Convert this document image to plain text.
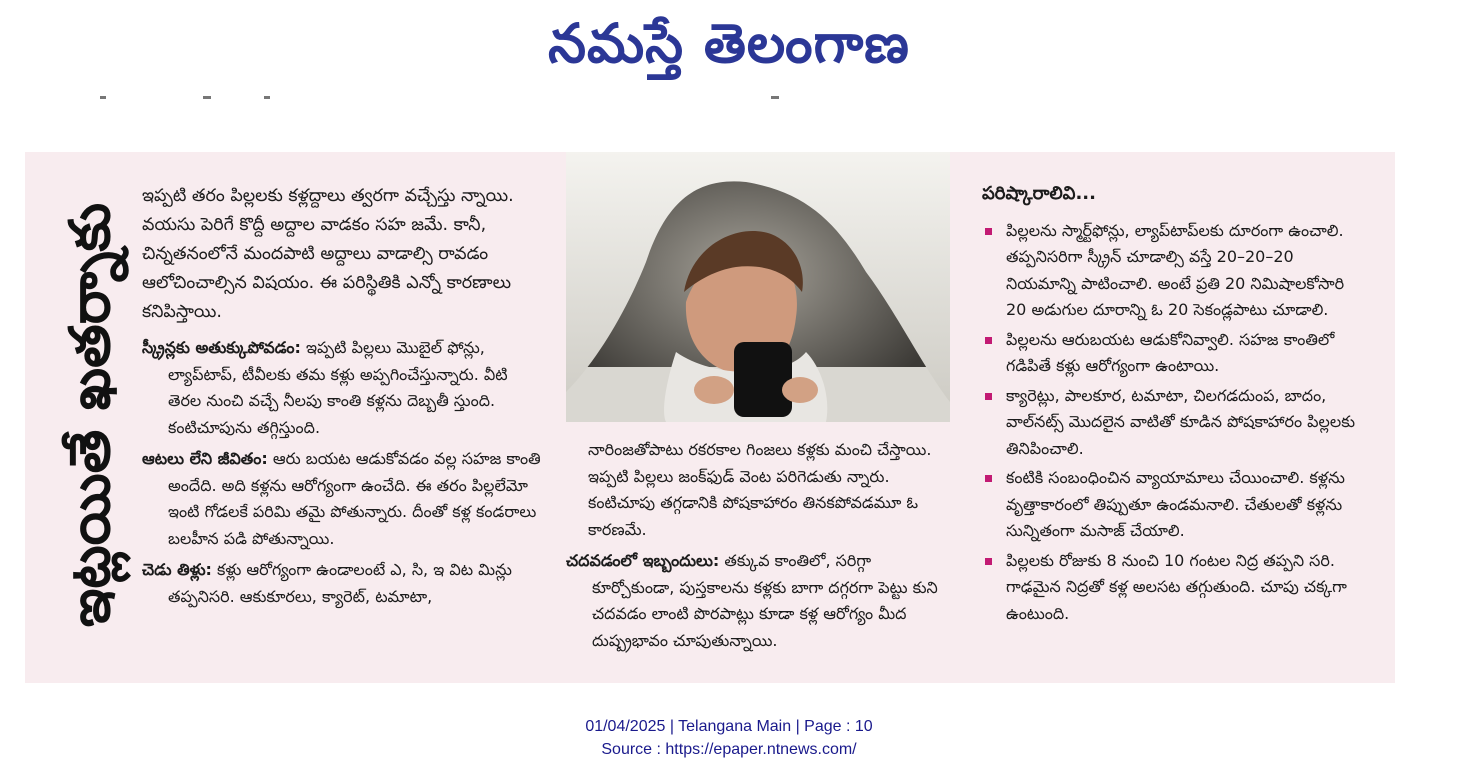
నమస్తే తెలంగాణ
ఇట్లయితే ఖతర్నాకు

ఇప్పటి తరం పిల్లలకు కళ్లద్దాలు త్వరగా వచ్చేస్తు న్నాయి. వయసు పెరిగే కొద్దీ అద్దాల వాడకం సహ జమే. కానీ, చిన్నతనంలోనే మందపాటి అద్దాలు వాడాల్సి రావడం ఆలోచించాల్సిన విషయం. ఈ పరిస్థితికి ఎన్నో కారణాలు కనిపిస్తాయి.

స్క్రీన్లకు అతుక్కుపోవడం: ఇప్పటి పిల్లలు మొబైల్ ఫోన్లు, ల్యాప్‌టాప్, టీవీలకు తమ కళ్లు అప్పగించేస్తున్నారు. వీటి తెరల నుంచి వచ్చే నీలపు కాంతి కళ్లను దెబ్బతీ స్తుంది. కంటిచూపును తగ్గిస్తుంది.

ఆటలు లేని జీవితం: ఆరు బయట ఆడుకోవడం వల్ల సహజ కాంతి అందేది. అది కళ్లను ఆరోగ్యంగా ఉంచేది. ఈ తరం పిల్లలేమో ఇంటి గోడలకే పరిమి తమై పోతున్నారు. దీంతో కళ్ల కండరాలు బలహీన పడి పోతున్నాయి.

చెడు తిళ్లు: కళ్లు ఆరోగ్యంగా ఉండాలంటే ఎ, సి, ఇ విట మిన్లు తప్పనిసరి. ఆకుకూరలు, క్యారెట్, టమాటా,

నారింజతోపాటు రకరకాల గింజలు కళ్లకు మంచి చేస్తాయి. ఇప్పటి పిల్లలు జంక్‌ఫుడ్ వెంట పరిగెడుతు న్నారు. కంటిచూపు తగ్గడానికి పోషకాహారం తినకపోవడమూ ఓ కారణమే.

చదవడంలో ఇబ్బందులు: తక్కువ కాంతిలో, సరిగ్గా కూర్చోకుండా, పుస్తకాలను కళ్లకు బాగా దగ్గరగా పెట్టు కుని చదవడం లాంటి పొరపాట్లు కూడా కళ్ల ఆరోగ్యం మీద దుష్ప్రభావం చూపుతున్నాయి.

పరిష్కారాలివి...
పిల్లలను స్మార్ట్‌ఫోన్లు, ల్యాప్‌టాప్‌లకు దూరంగా ఉంచాలి. తప్పనిసరిగా స్క్రీన్ చూడాల్సి వస్తే 20–20–20 నియమాన్ని పాటించాలి. అంటే ప్రతి 20 నిమిషాలకోసారి 20 అడుగుల దూరాన్ని ఓ 20 సెకండ్లపాటు చూడాలి.
పిల్లలను ఆరుబయట ఆడుకోనివ్వాలి. సహజ కాంతిలో గడిపితే కళ్లు ఆరోగ్యంగా ఉంటాయి.
క్యారెట్లు, పాలకూర, టమాటా, చిలగడదుంప, బాదం, వాల్‌నట్స్ మొదలైన వాటితో కూడిన పోషకాహారం పిల్లలకు తినిపించాలి.
కంటికి సంబంధించిన వ్యాయామాలు చేయించాలి. కళ్లను వృత్తాకారంలో తిప్పుతూ ఉండమనాలి. చేతులతో కళ్లను సున్నితంగా మసాజ్ చేయాలి.
పిల్లలకు రోజుకు 8 నుంచి 10 గంటల నిద్ర తప్పని సరి. గాఢమైన నిద్రతో కళ్ల అలసట తగ్గుతుంది. చూపు చక్కగా ఉంటుంది.
01/04/2025 | Telangana Main | Page : 10
Source : https://epaper.ntnews.com/
